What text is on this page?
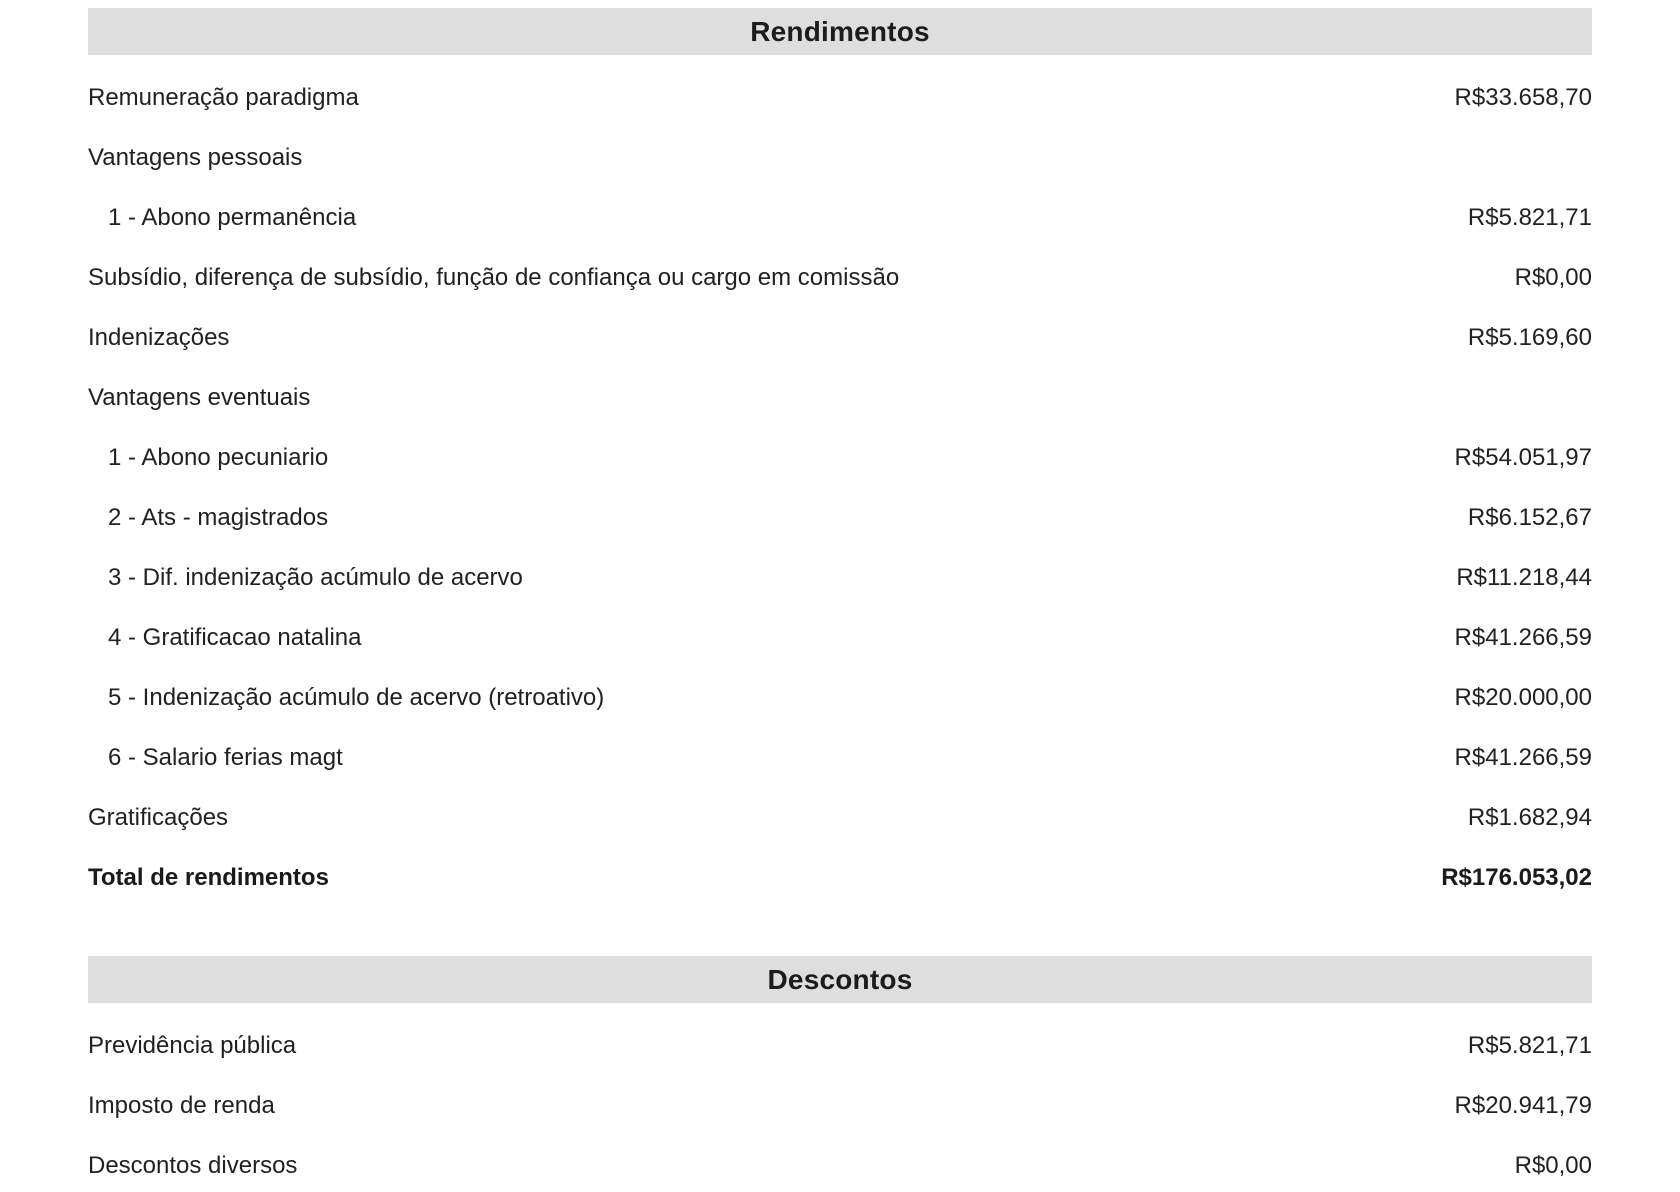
Rendimentos
Remuneração paradigma	R$33.658,70
Vantagens pessoais
1 - Abono permanência	R$5.821,71
Subsídio, diferença de subsídio, função de confiança ou cargo em comissão	R$0,00
Indenizações	R$5.169,60
Vantagens eventuais
1 - Abono pecuniario	R$54.051,97
2 - Ats - magistrados	R$6.152,67
3 - Dif. indenização acúmulo de acervo	R$11.218,44
4 - Gratificacao natalina	R$41.266,59
5 - Indenização acúmulo de acervo (retroativo)	R$20.000,00
6 - Salario ferias magt	R$41.266,59
Gratificações	R$1.682,94
Total de rendimentos	R$176.053,02
Descontos
Previdência pública	R$5.821,71
Imposto de renda	R$20.941,79
Descontos diversos	R$0,00
